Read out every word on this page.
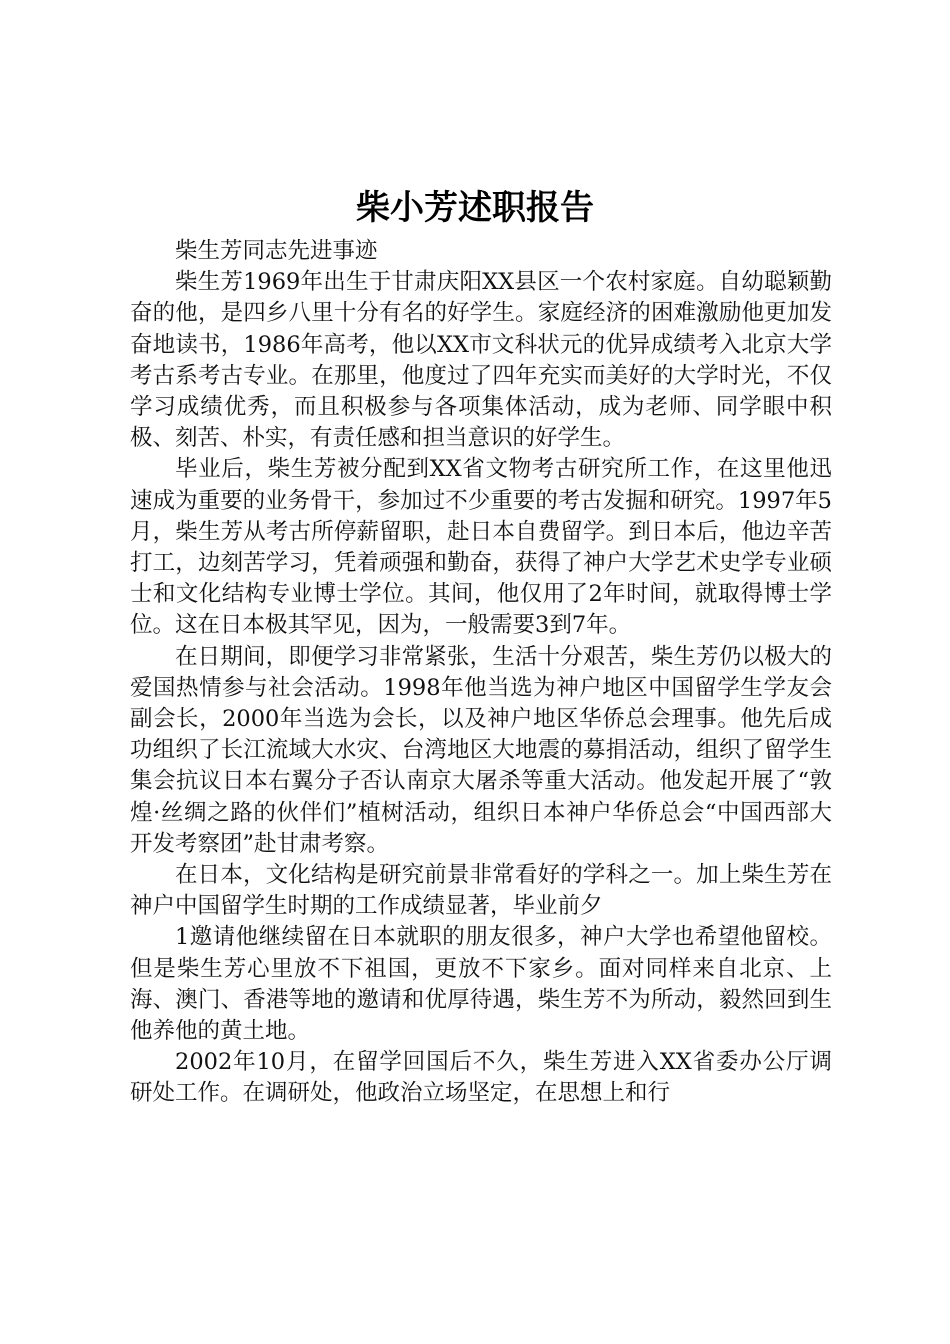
柴小芳述职报告

柴生芳同志先进事迹

柴生芳1969年出生于甘肃庆阳XX县区一个农村家庭。自幼聪颖勤奋的他，是四乡八里十分有名的好学生。家庭经济的困难激励他更加发奋地读书，1986年高考，他以XX市文科状元的优异成绩考入北京大学考古系考古专业。在那里，他度过了四年充实而美好的大学时光，不仅学习成绩优秀，而且积极参与各项集体活动，成为老师、同学眼中积极、刻苦、朴实，有责任感和担当意识的好学生。

毕业后，柴生芳被分配到XX省文物考古研究所工作，在这里他迅速成为重要的业务骨干，参加过不少重要的考古发掘和研究。1997年5月，柴生芳从考古所停薪留职，赴日本自费留学。到日本后，他边辛苦打工，边刻苦学习，凭着顽强和勤奋，获得了神户大学艺术史学专业硕士和文化结构专业博士学位。其间，他仅用了2年时间，就取得博士学位。这在日本极其罕见，因为，一般需要3到7年。

在日期间，即便学习非常紧张，生活十分艰苦，柴生芳仍以极大的爱国热情参与社会活动。1998年他当选为神户地区中国留学生学友会副会长，2000年当选为会长，以及神户地区华侨总会理事。他先后成功组织了长江流域大水灾、台湾地区大地震的募捐活动，组织了留学生集会抗议日本右翼分子否认南京大屠杀等重大活动。他发起开展了“敦煌·丝绸之路的伙伴们”植树活动，组织日本神户华侨总会“中国西部大开发考察团”赴甘肃考察。

在日本，文化结构是研究前景非常看好的学科之一。加上柴生芳在神户中国留学生时期的工作成绩显著，毕业前夕

1邀请他继续留在日本就职的朋友很多，神户大学也希望他留校。但是柴生芳心里放不下祖国，更放不下家乡。面对同样来自北京、上海、澳门、香港等地的邀请和优厚待遇，柴生芳不为所动，毅然回到生他养他的黄土地。

2002年10月，在留学回国后不久，柴生芳进入XX省委办公厅调研处工作。在调研处，他政治立场坚定，在思想上和行
